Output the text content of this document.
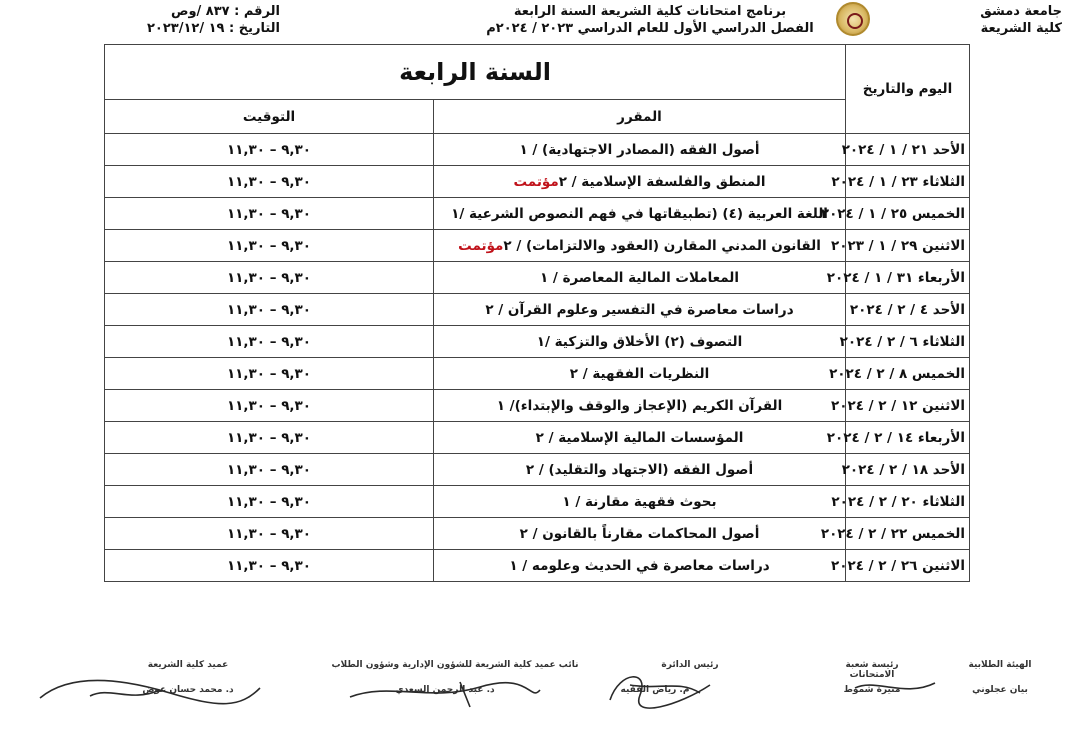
جامعة دمشق
كلية الشريعة
برنامج امتحانات كلية الشريعة السنة الرابعة
الفصل الدراسي الأول للعام الدراسي ٢٠٢٣ / ٢٠٢٤م
الرقم : ٨٣٧ /وص
التاريخ : ١٩ /٢٠٢٣/١٢
اليوم والتاريخ	السنة الرابعة	
	المقرر	التوقيت
الأحد ٢١ / ١ / ٢٠٢٤	أصول الفقه (المصادر الاجتهادية) / ١	٩,٣٠ – ١١,٣٠
الثلاثاء ٢٣ / ١ / ٢٠٢٤	المنطق والفلسفة الإسلامية / ٢مؤتمت	٩,٣٠ – ١١,٣٠
الخميس ٢٥ / ١ / ٢٠٢٤	اللغة العربية (٤) (تطبيقاتها في فهم النصوص الشرعية /١	٩,٣٠ – ١١,٣٠
الاثنين ٢٩ / ١ / ٢٠٢٣	القانون المدني المقارن (العقود والالتزامات) / ٢مؤتمت	٩,٣٠ – ١١,٣٠
الأربعاء ٣١ / ١ / ٢٠٢٤	المعاملات المالية المعاصرة / ١	٩,٣٠ – ١١,٣٠
الأحد ٤ / ٢ / ٢٠٢٤	دراسات معاصرة في التفسير وعلوم القرآن / ٢	٩,٣٠ – ١١,٣٠
الثلاثاء ٦ / ٢ / ٢٠٢٤	التصوف (٢) الأخلاق والتزكية /١	٩,٣٠ – ١١,٣٠
الخميس ٨ / ٢ / ٢٠٢٤	النظريات الفقهية / ٢	٩,٣٠ – ١١,٣٠
الاثنين ١٢ / ٢ / ٢٠٢٤	القرآن الكريم (الإعجاز والوقف والإبتداء)/ ١	٩,٣٠ – ١١,٣٠
الأربعاء ١٤ / ٢ / ٢٠٢٤	المؤسسات المالية الإسلامية / ٢	٩,٣٠ – ١١,٣٠
الأحد ١٨ / ٢ / ٢٠٢٤	أصول الفقه (الاجتهاد والتقليد) / ٢	٩,٣٠ – ١١,٣٠
الثلاثاء ٢٠ / ٢ / ٢٠٢٤	بحوث فقهية مقارنة / ١	٩,٣٠ – ١١,٣٠
الخميس ٢٢ / ٢ / ٢٠٢٤	أصول المحاكمات مقارناً بالقانون / ٢	٩,٣٠ – ١١,٣٠
الاثنين ٢٦ / ٢ / ٢٠٢٤	دراسات معاصرة في الحديث وعلومه / ١	٩,٣٠ – ١١,٣٠
الهيئة الطلابية
بيان عجلوني
رئيسة شعبة الامتحانات
منيرة شموط
رئيس الدائرة
م. رياض الفقيه
نائب عميد كلية الشريعة للشؤون الإدارية وشؤون الطلاب
د. عبد الرحمن السعدي
عميد كلية الشريعة
د. محمد حسان عوض
